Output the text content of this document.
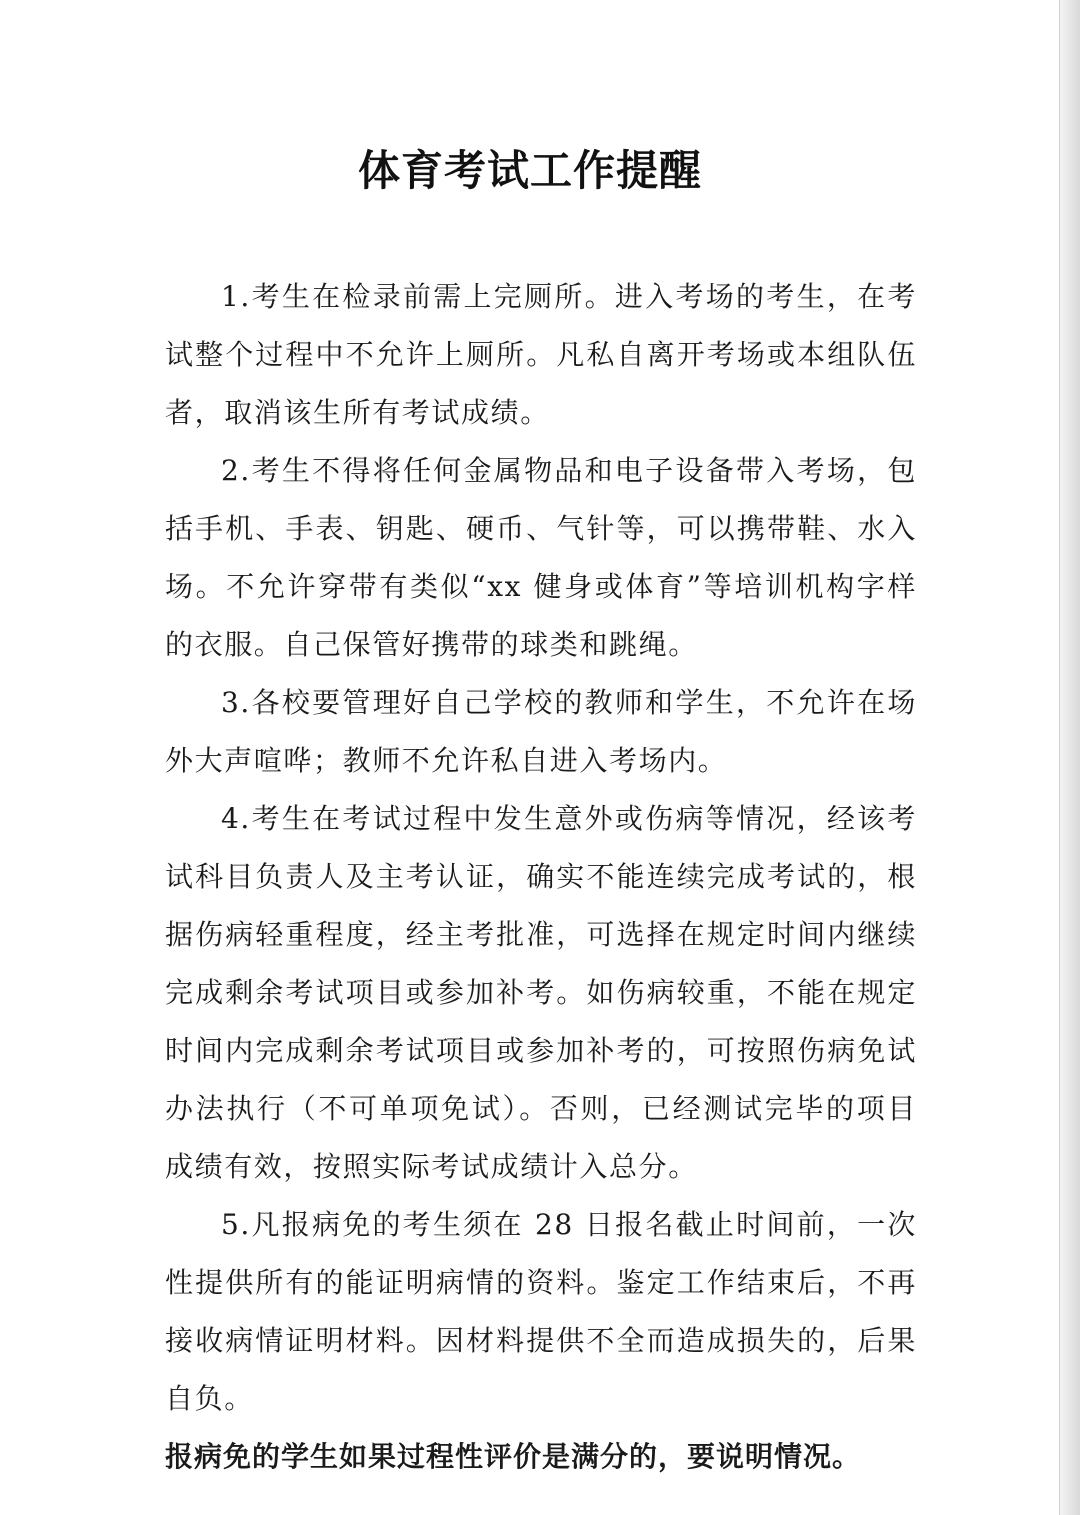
体育考试工作提醒

1.考生在检录前需上完厕所。进入考场的考生，在考试整个过程中不允许上厕所。凡私自离开考场或本组队伍者，取消该生所有考试成绩。

2.考生不得将任何金属物品和电子设备带入考场，包括手机、手表、钥匙、硬币、气针等，可以携带鞋、水入场。不允许穿带有类似“xx 健身或体育”等培训机构字样的衣服。自己保管好携带的球类和跳绳。

3.各校要管理好自己学校的教师和学生，不允许在场外大声喧哗；教师不允许私自进入考场内。

4.考生在考试过程中发生意外或伤病等情况，经该考试科目负责人及主考认证，确实不能连续完成考试的，根据伤病轻重程度，经主考批准，可选择在规定时间内继续完成剩余考试项目或参加补考。如伤病较重，不能在规定时间内完成剩余考试项目或参加补考的，可按照伤病免试办法执行（不可单项免试）。否则，已经测试完毕的项目成绩有效，按照实际考试成绩计入总分。

5.凡报病免的考生须在 28 日报名截止时间前，一次性提供所有的能证明病情的资料。鉴定工作结束后，不再接收病情证明材料。因材料提供不全而造成损失的，后果自负。

报病免的学生如果过程性评价是满分的，要说明情况。
